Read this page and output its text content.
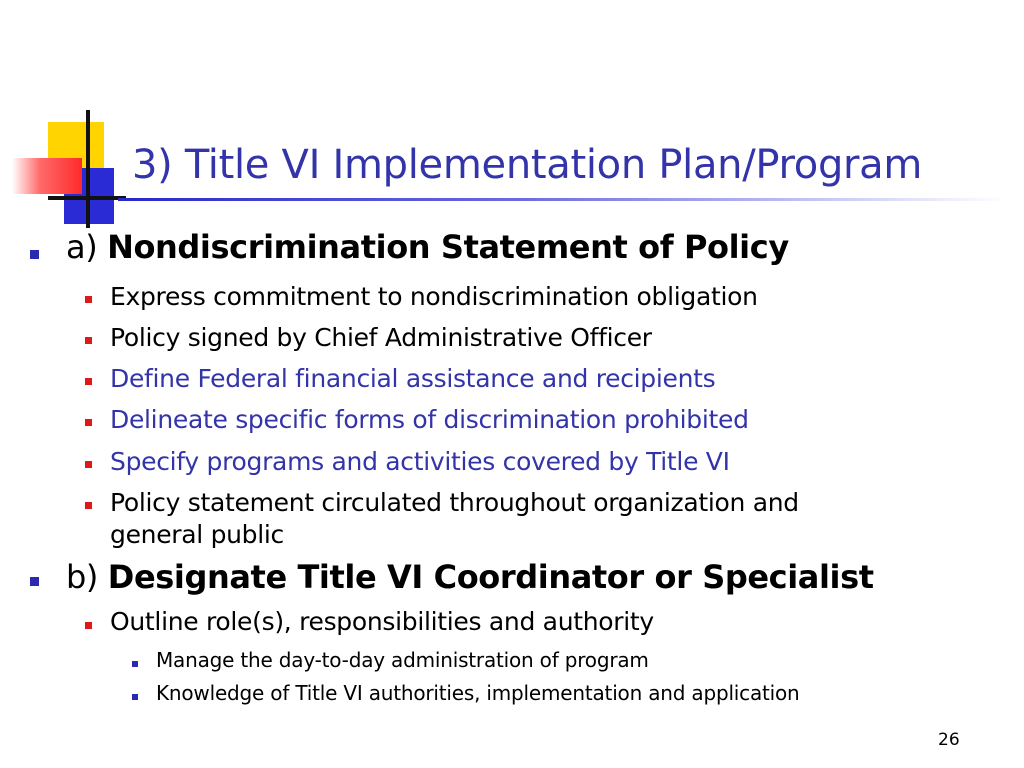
3) Title VI Implementation Plan/Program
a) Nondiscrimination Statement of Policy
Express commitment to nondiscrimination obligation
Policy signed by Chief Administrative Officer
Define Federal financial assistance and recipients
Delineate specific forms of discrimination prohibited
Specify programs and activities covered by Title VI
Policy statement circulated throughout organization and
general public
b) Designate Title VI Coordinator or Specialist
Outline role(s), responsibilities and authority
Manage the day-to-day administration of program
Knowledge of Title VI authorities, implementation and application
26
